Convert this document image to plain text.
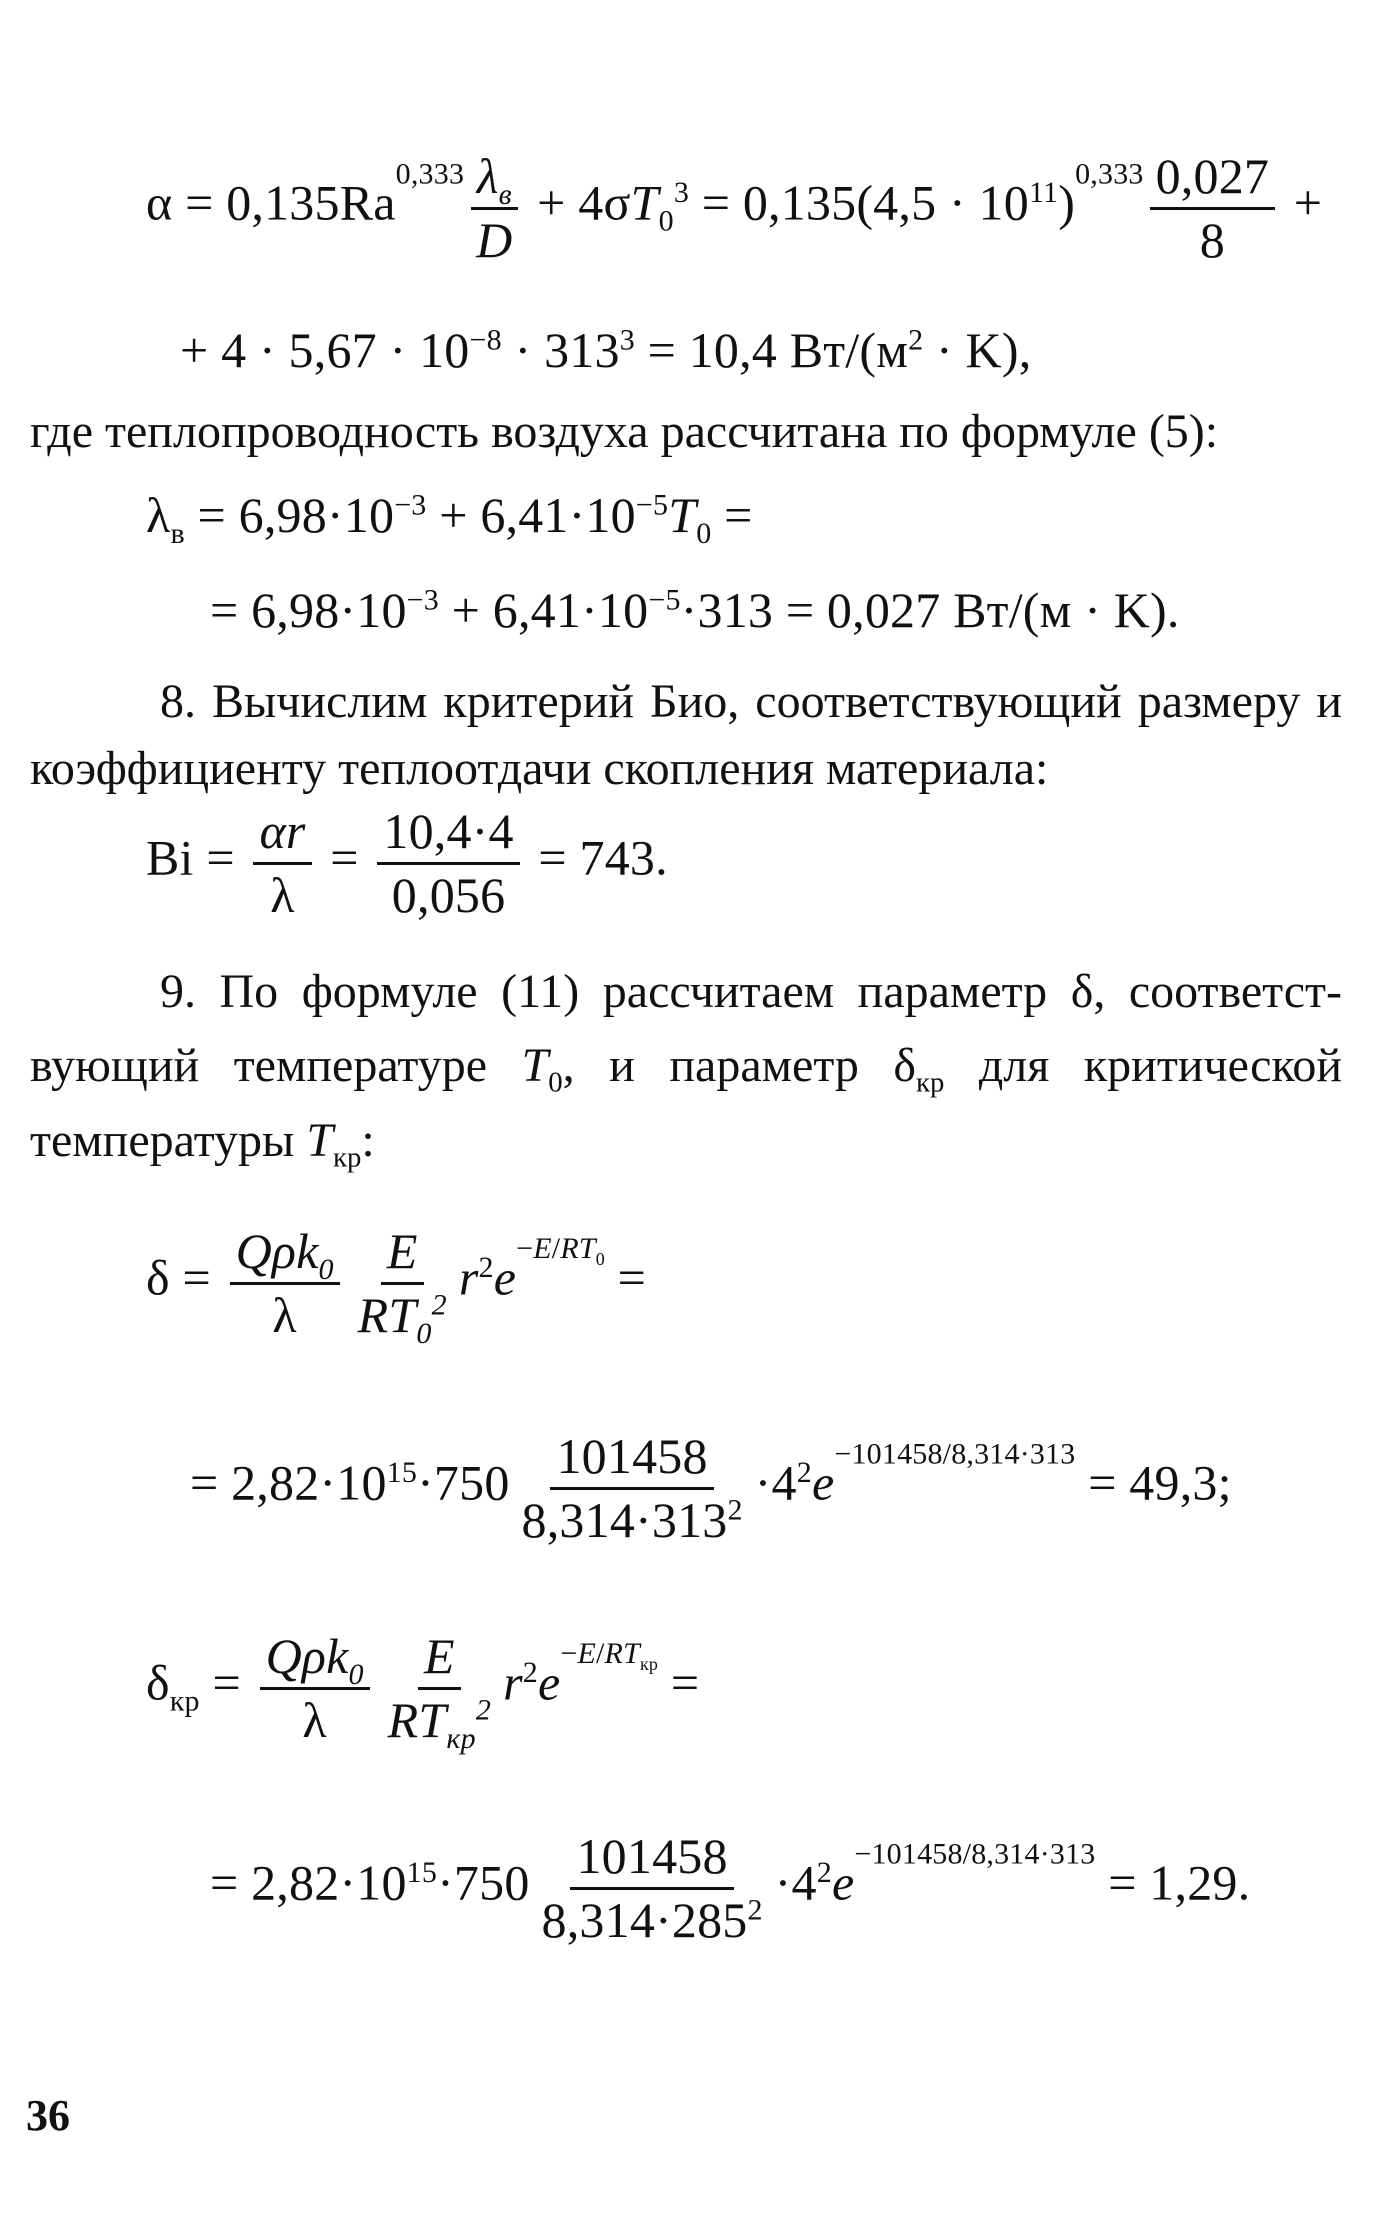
$\alpha = 0,135Ra^{0,333} \frac{\lambda_в}{D} + 4\sigma T_0^3 = 0,135(4,5 \cdot 10^{11})^{0,333} \frac{0,027}{8}$ +
+ $4 \cdot 5,67 \cdot 10^{-8} \cdot 313^3 = 10,4$ $Вт/(м^2 \cdot K)$,
где теплопроводность воздуха рассчитана по формуле (5):
$\lambda_в = 6,98\cdot 10^{-3} + 6,41\cdot 10^{-5}T_0$ =
= $6,98\cdot 10^{-3} + 6,41\cdot 10^{-5}\cdot 313 = 0,027$ Вт/(м · K).
8. Вычислим критерий Био, соответствующий размеру и коэффициенту теплоотдачи скопления материала:
$Bi = \frac{\alpha r}{\lambda} = \frac{10,4\cdot 4}{0,056} = 743$.
9. По формуле (11) рассчитаем параметр δ, соответст-вующий температуре $T_0$, и параметр $\delta_{кр}$ для критической температуры $T_{кр}$:
$\delta = \frac{Q\rho k_0}{\lambda} \frac{E}{RT_0^2} r^2e^{-E/RT_0}$ =
= $2,82\cdot 10^{15}\cdot 750 \frac{101458}{8,314\cdot 313^2} \cdot 4^2e^{-101458/8,314\cdot 313} = 49,3$;
$\delta_{кр} = \frac{Q\rho k_0}{\lambda} \frac{E}{RT_{кр}^2} r^2e^{-E/RT_{кр}}$ =
= $2,82\cdot 10^{15}\cdot 750 \frac{101458}{8,314\cdot 285^2} \cdot 4^2e^{-101458/8,314\cdot 313} = 1,29$.
36
